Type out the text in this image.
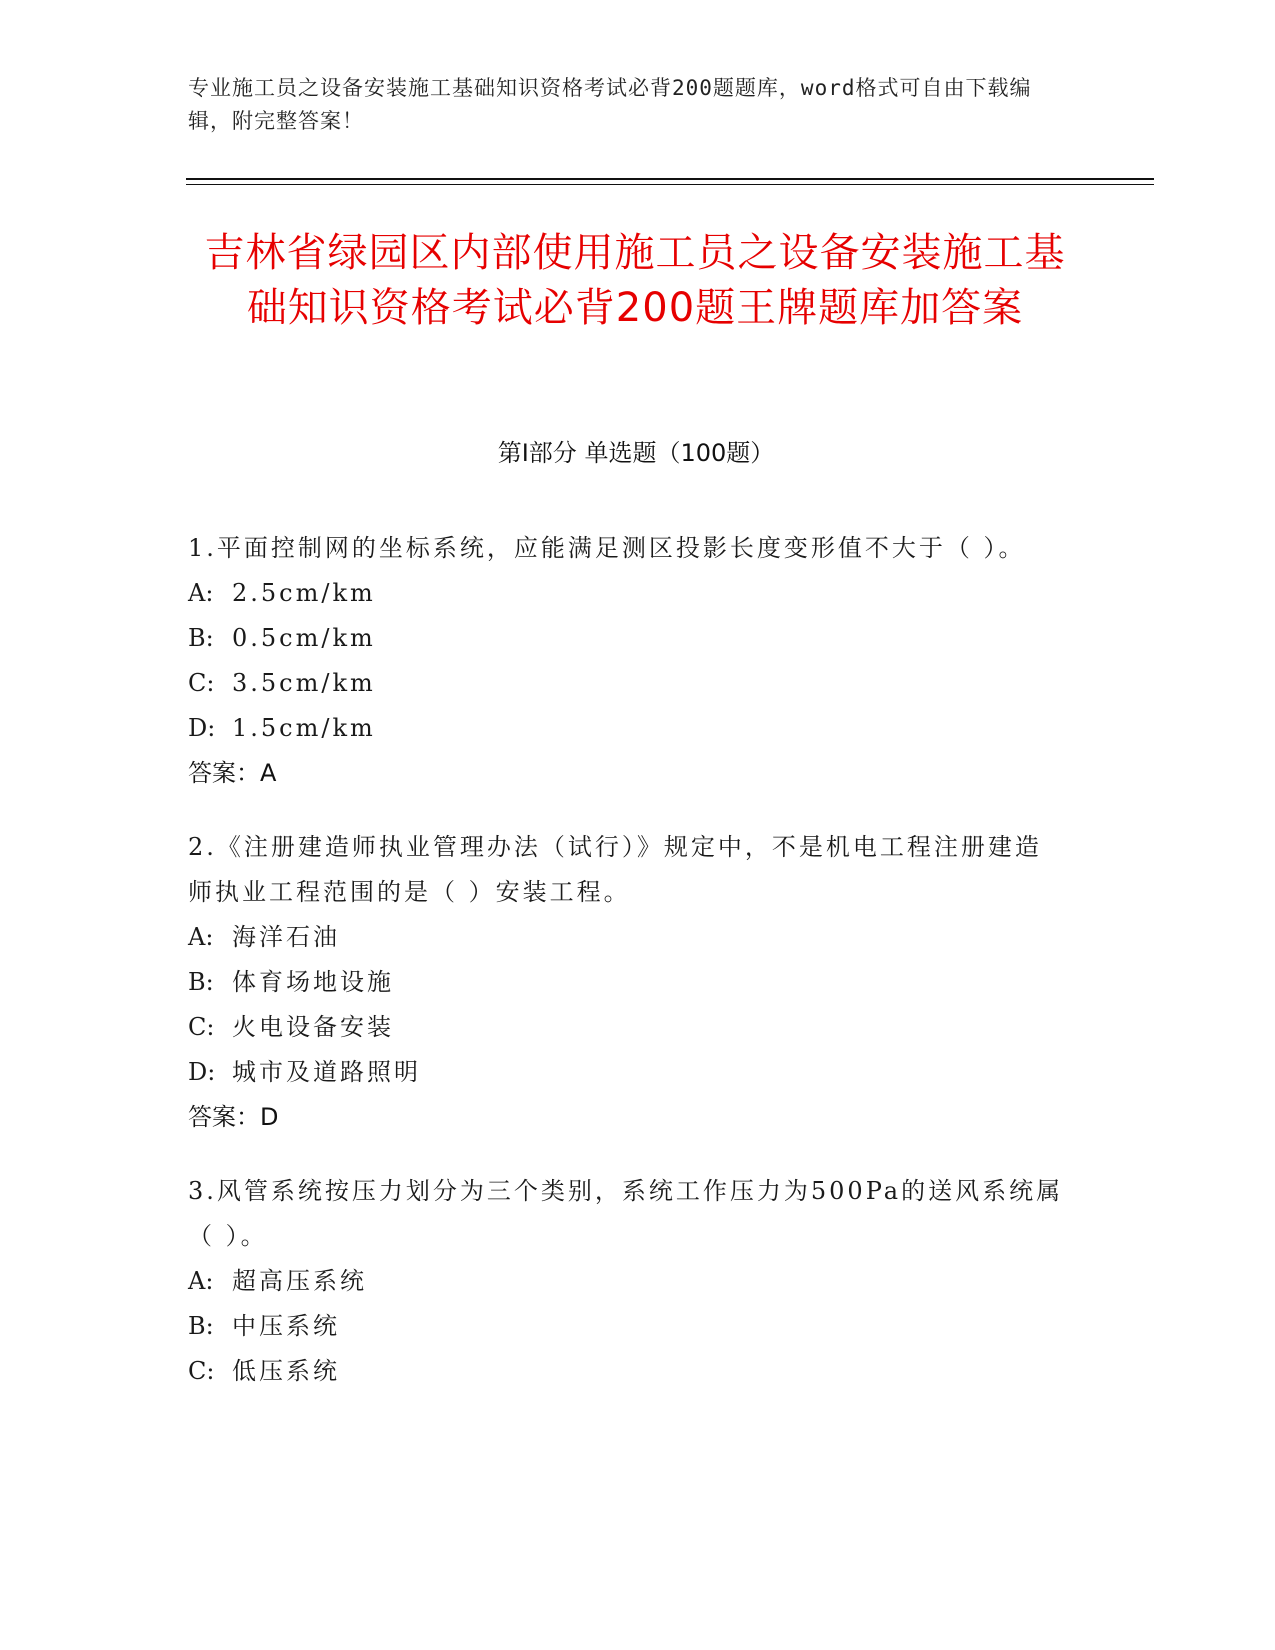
专业施工员之设备安装施工基础知识资格考试必背200题题库，word格式可自由下载编辑，附完整答案！
吉林省绿园区内部使用施工员之设备安装施工基础知识资格考试必背200题王牌题库加答案
第Ⅰ部分 单选题（100题）

1.平面控制网的坐标系统，应能满足测区投影长度变形值不大于（ ）。

A: 2.5cm/km

B: 0.5cm/km

C: 3.5cm/km

D: 1.5cm/km

答案：A

2.《注册建造师执业管理办法（试行）》规定中，不是机电工程注册建造师执业工程范围的是（ ）安装工程。

A: 海洋石油

B: 体育场地设施

C: 火电设备安装

D: 城市及道路照明

答案：D

3.风管系统按压力划分为三个类别，系统工作压力为500Pa的送风系统属（ ）。

A: 超高压系统

B: 中压系统

C: 低压系统
